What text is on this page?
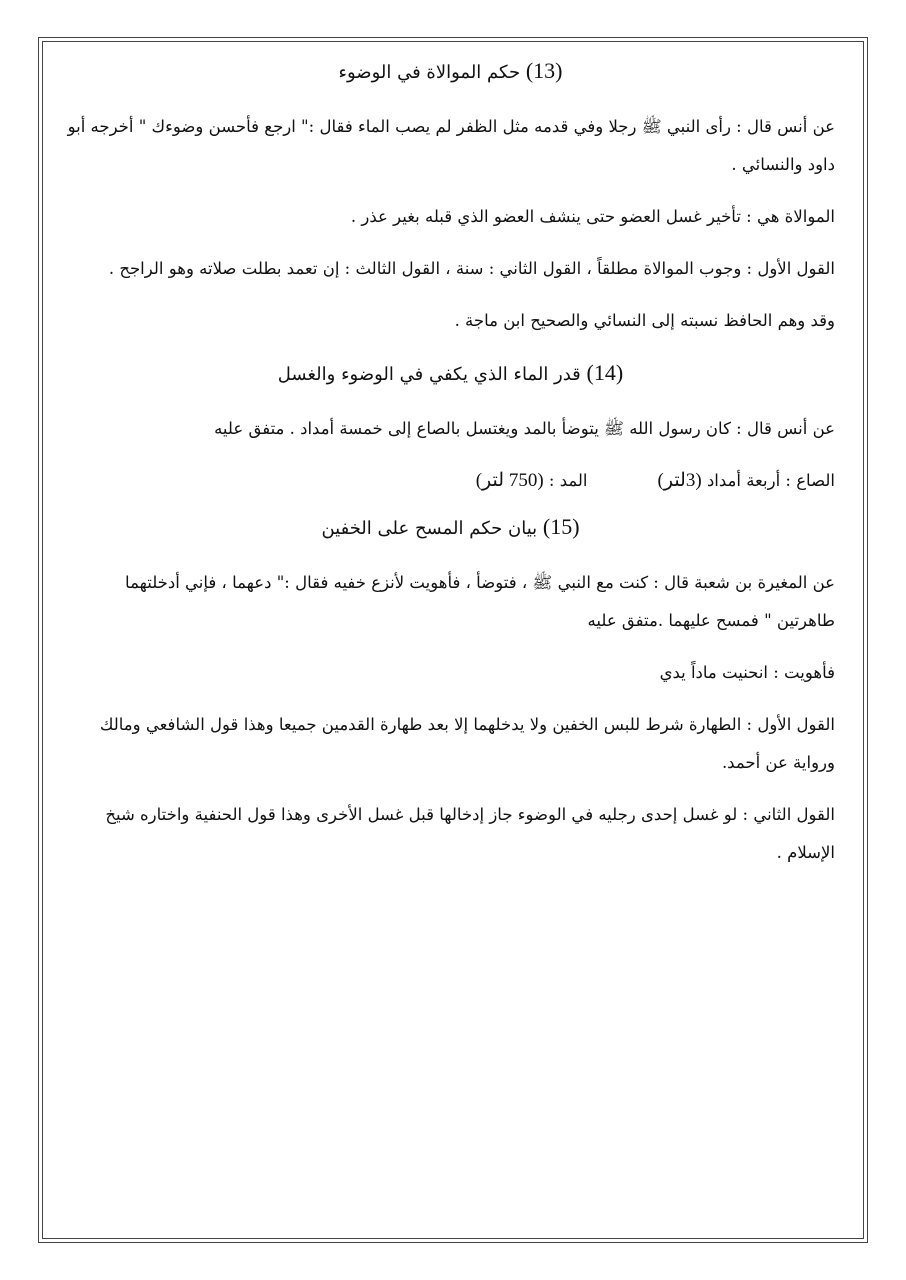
(13) حكم الموالاة في الوضوء

عن أنس قال : رأى النبي ﷺ رجلا وفي قدمه مثل الظفر لم يصب الماء فقال :" ارجع فأحسن وضوءك " أخرجه أبو داود والنسائي .

الموالاة هي : تأخير غسل العضو حتى ينشف العضو الذي قبله بغير عذر .

القول الأول : وجوب الموالاة مطلقاً ، القول الثاني : سنة ، القول الثالث : إن تعمد بطلت صلاته وهو الراجح .

وقد وهم الحافظ نسبته إلى النسائي والصحيح ابن ماجة .

(14) قدر الماء الذي يكفي في الوضوء والغسل

عن أنس قال : كان رسول الله ﷺ يتوضأ بالمد ويغتسل بالصاع إلى خمسة أمداد . متفق عليه

الصاع : أربعة أمداد (3لتر)
المد : (750 لتر)

(15) بيان حكم المسح على الخفين

عن المغيرة بن شعبة قال : كنت مع النبي ﷺ ، فتوضأ ، فأهويت لأنزع خفيه فقال :" دعهما ، فإني أدخلتهما طاهرتين " فمسح عليهما .متفق عليه

فأهويت : انحنيت ماداً يدي

القول الأول : الطهارة شرط للبس الخفين ولا يدخلهما إلا بعد طهارة القدمين جميعا وهذا قول الشافعي ومالك ورواية عن أحمد.

القول الثاني : لو غسل إحدى رجليه في الوضوء جاز إدخالها قبل غسل الأخرى وهذا قول الحنفية واختاره شيخ الإسلام .
